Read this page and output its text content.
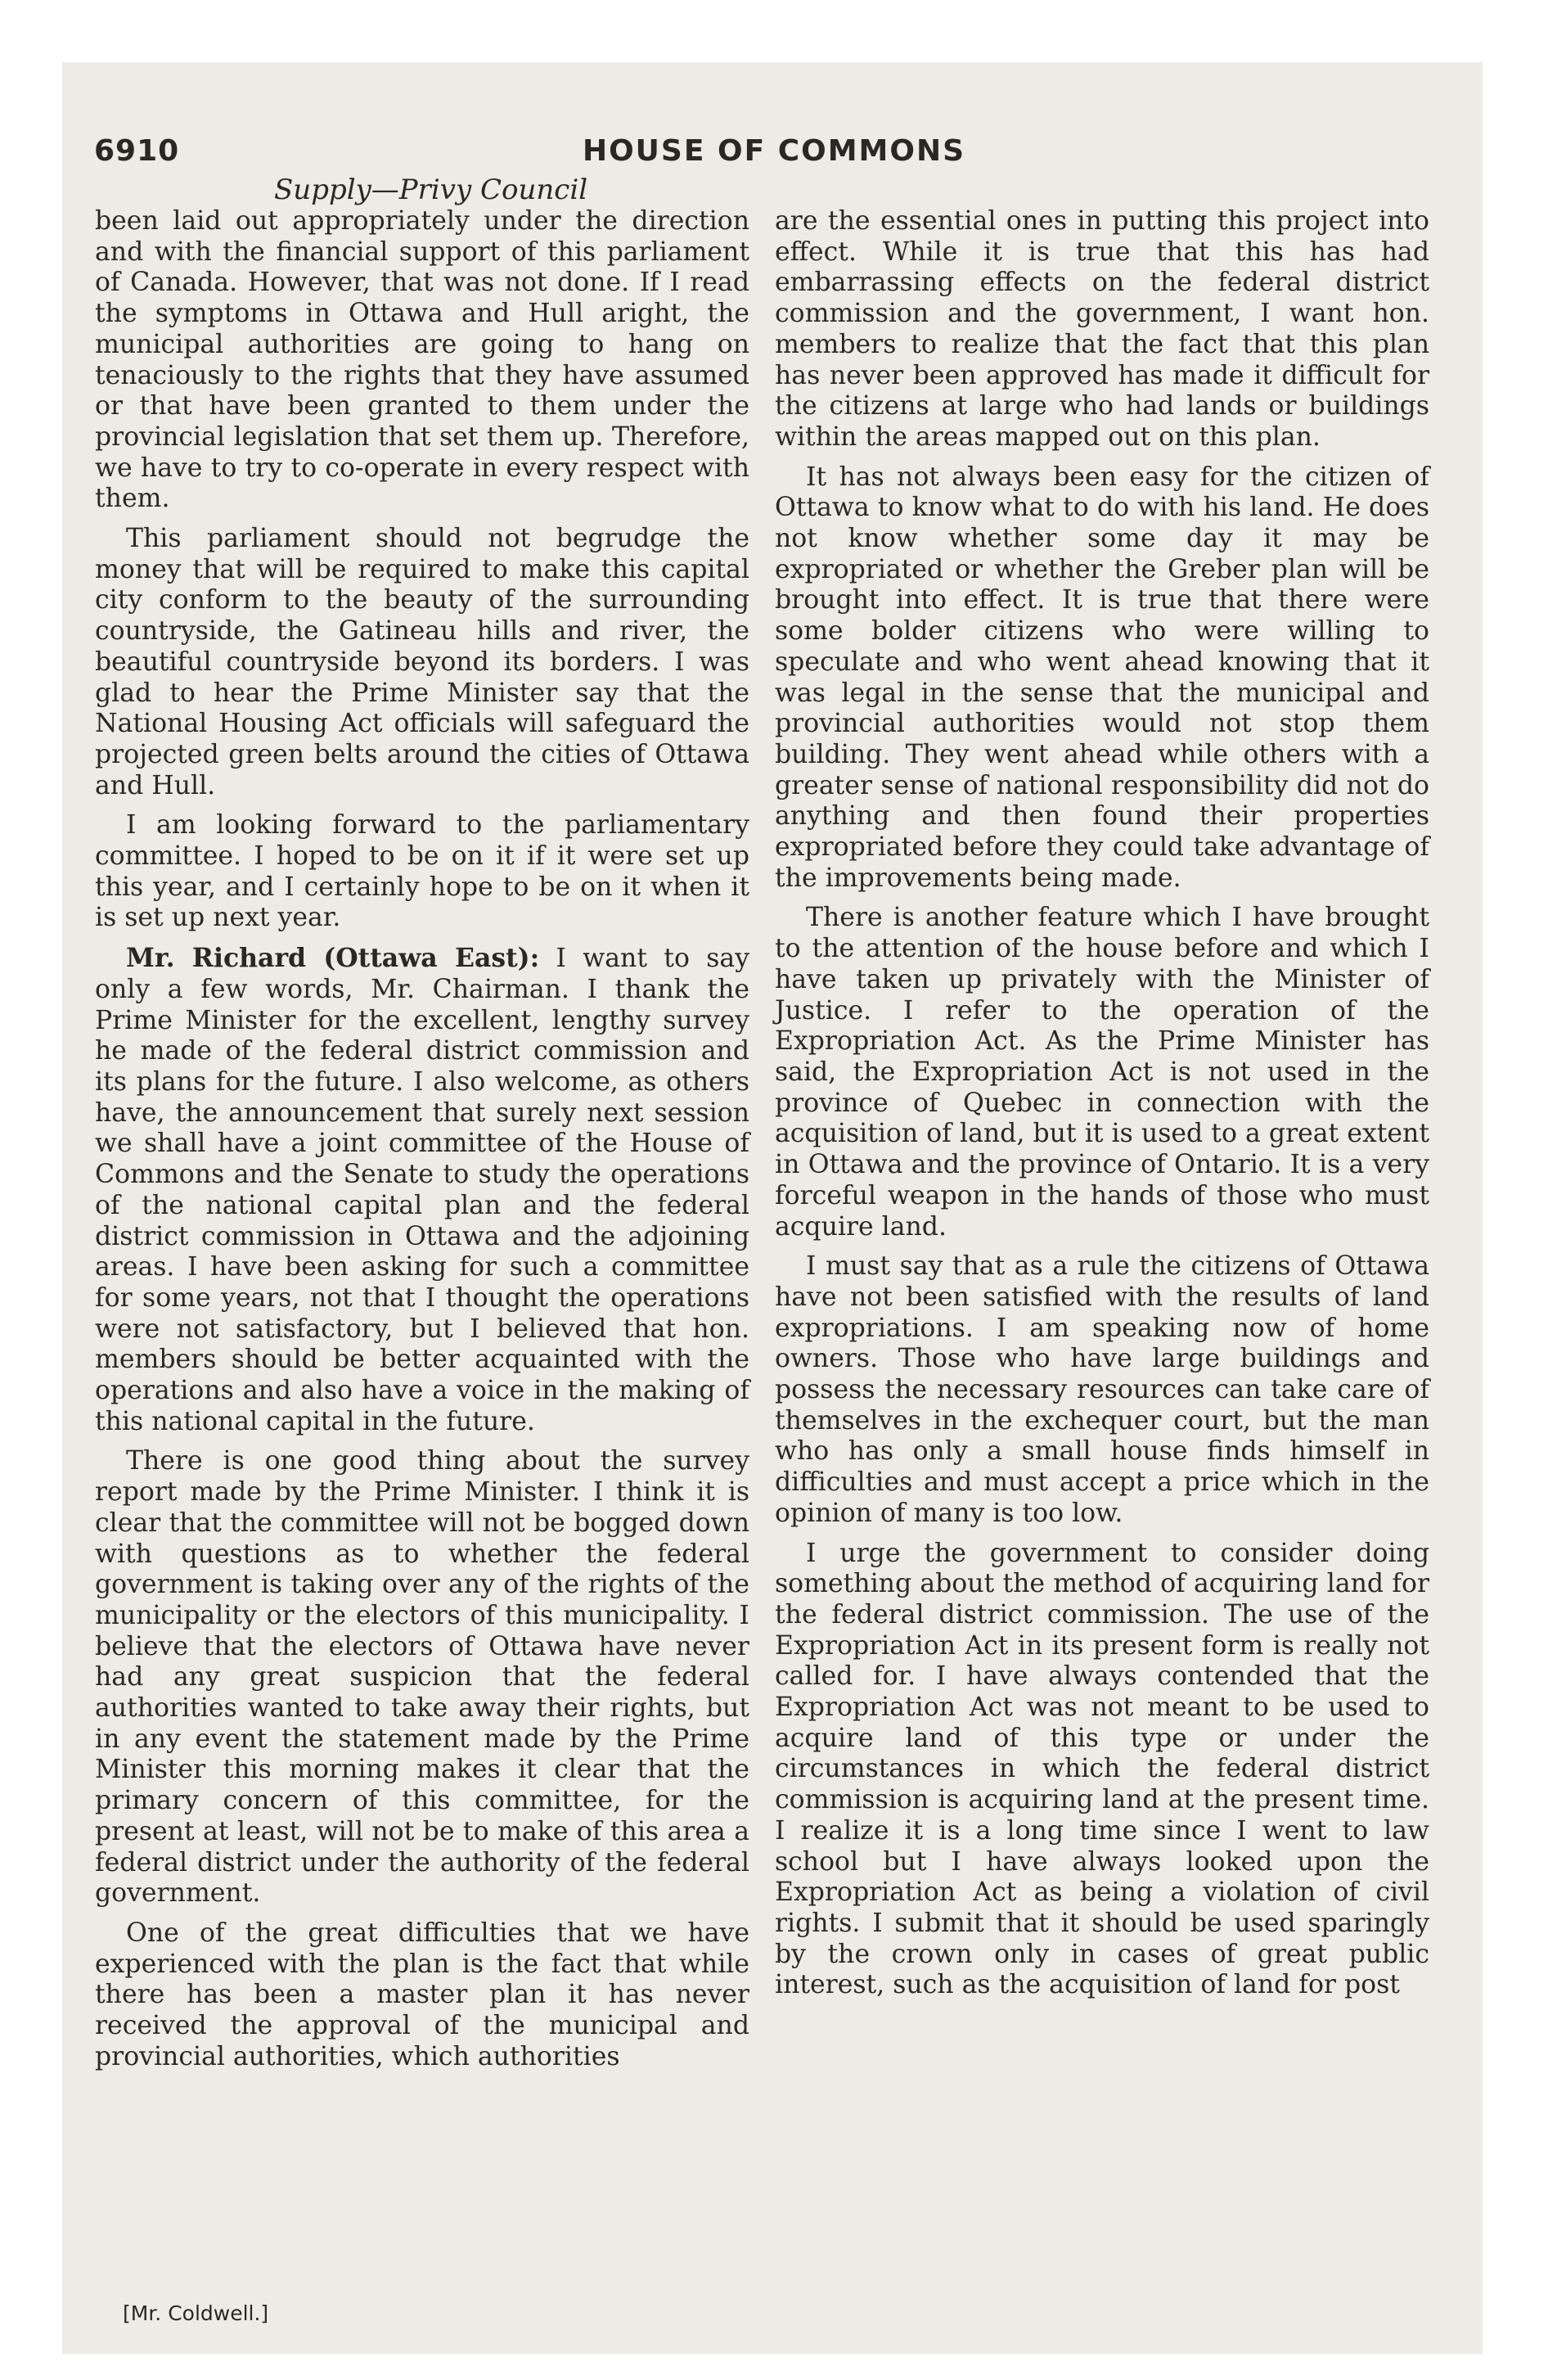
6910	HOUSE OF COMMONS
Supply—Privy Council

been laid out appropriately under the direction and with the financial support of this parliament of Canada. However, that was not done. If I read the symptoms in Ottawa and Hull aright, the municipal authorities are going to hang on tenaciously to the rights that they have assumed or that have been granted to them under the provincial legislation that set them up. Therefore, we have to try to co-operate in every respect with them.

This parliament should not begrudge the money that will be required to make this capital city conform to the beauty of the surrounding countryside, the Gatineau hills and river, the beautiful countryside beyond its borders. I was glad to hear the Prime Minister say that the National Housing Act officials will safeguard the projected green belts around the cities of Ottawa and Hull.

I am looking forward to the parliamentary committee. I hoped to be on it if it were set up this year, and I certainly hope to be on it when it is set up next year.

Mr. Richard (Ottawa East): I want to say only a few words, Mr. Chairman. I thank the Prime Minister for the excellent, lengthy survey he made of the federal district commission and its plans for the future. I also welcome, as others have, the announcement that surely next session we shall have a joint committee of the House of Commons and the Senate to study the operations of the national capital plan and the federal district commission in Ottawa and the adjoining areas. I have been asking for such a committee for some years, not that I thought the operations were not satisfactory, but I believed that hon. members should be better acquainted with the operations and also have a voice in the making of this national capital in the future.

There is one good thing about the survey report made by the Prime Minister. I think it is clear that the committee will not be bogged down with questions as to whether the federal government is taking over any of the rights of the municipality or the electors of this municipality. I believe that the electors of Ottawa have never had any great suspicion that the federal authorities wanted to take away their rights, but in any event the statement made by the Prime Minister this morning makes it clear that the primary concern of this committee, for the present at least, will not be to make of this area a federal district under the authority of the federal government.

One of the great difficulties that we have experienced with the plan is the fact that while there has been a master plan it has never received the approval of the municipal and provincial authorities, which authorities

are the essential ones in putting this project into effect. While it is true that this has had embarrassing effects on the federal district commission and the government, I want hon. members to realize that the fact that this plan has never been approved has made it difficult for the citizens at large who had lands or buildings within the areas mapped out on this plan.

It has not always been easy for the citizen of Ottawa to know what to do with his land. He does not know whether some day it may be expropriated or whether the Greber plan will be brought into effect. It is true that there were some bolder citizens who were willing to speculate and who went ahead knowing that it was legal in the sense that the municipal and provincial authorities would not stop them building. They went ahead while others with a greater sense of national responsibility did not do anything and then found their properties expropriated before they could take advantage of the improvements being made.

There is another feature which I have brought to the attention of the house before and which I have taken up privately with the Minister of Justice. I refer to the operation of the Expropriation Act. As the Prime Minister has said, the Expropriation Act is not used in the province of Quebec in connection with the acquisition of land, but it is used to a great extent in Ottawa and the province of Ontario. It is a very forceful weapon in the hands of those who must acquire land.

I must say that as a rule the citizens of Ottawa have not been satisfied with the results of land expropriations. I am speaking now of home owners. Those who have large buildings and possess the necessary resources can take care of themselves in the exchequer court, but the man who has only a small house finds himself in difficulties and must accept a price which in the opinion of many is too low.

I urge the government to consider doing something about the method of acquiring land for the federal district commission. The use of the Expropriation Act in its present form is really not called for. I have always contended that the Expropriation Act was not meant to be used to acquire land of this type or under the circumstances in which the federal district commission is acquiring land at the present time. I realize it is a long time since I went to law school but I have always looked upon the Expropriation Act as being a violation of civil rights. I submit that it should be used sparingly by the crown only in cases of great public interest, such as the acquisition of land for post

[Mr. Coldwell.]
